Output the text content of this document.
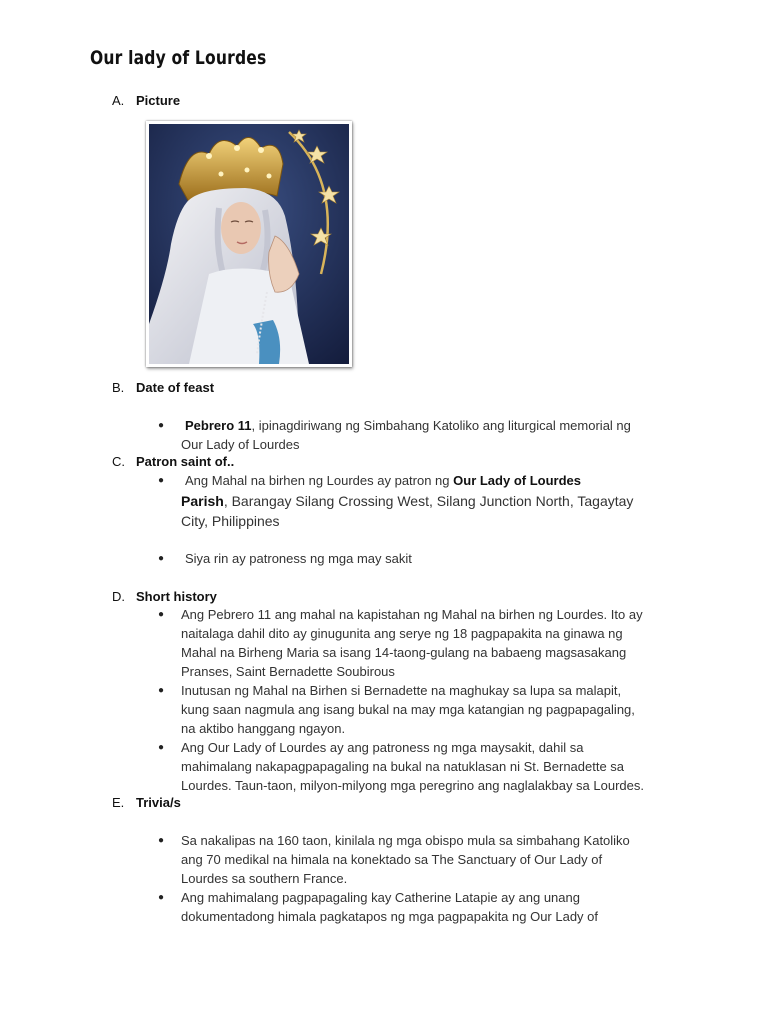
Our lady of Lourdes
A. Picture
B. Date of feast
● Pebrero 11, ipinagdiriwang ng Simbahang Katoliko ang liturgical memorial ng
Our Lady of Lourdes
C. Patron saint of..
● Ang Mahal na birhen ng Lourdes ay patron ng Our Lady of Lourdes
Parish, Barangay Silang Crossing West, Silang Junction North, Tagaytay
City, Philippines
● Siya rin ay patroness ng mga may sakit
D. Short history
● Ang Pebrero 11 ang mahal na kapistahan ng Mahal na birhen ng Lourdes. Ito ay
naitalaga dahil dito ay ginugunita ang serye ng 18 pagpapakita na ginawa ng
Mahal na Birheng Maria sa isang 14-taong-gulang na babaeng magsasakang
Pranses, Saint Bernadette Soubirous
● Inutusan ng Mahal na Birhen si Bernadette na maghukay sa lupa sa malapit,
kung saan nagmula ang isang bukal na may mga katangian ng pagpapagaling,
na aktibo hanggang ngayon.
● Ang Our Lady of Lourdes ay ang patroness ng mga maysakit, dahil sa
mahimalang nakapagpapagaling na bukal na natuklasan ni St. Bernadette sa
Lourdes. Taun-taon, milyon-milyong mga peregrino ang naglalakbay sa Lourdes.
E. Trivia/s
● Sa nakalipas na 160 taon, kinilala ng mga obispo mula sa simbahang Katoliko
ang 70 medikal na himala na konektado sa The Sanctuary of Our Lady of
Lourdes sa southern France.
● Ang mahimalang pagpapagaling kay Catherine Latapie ay ang unang
dokumentadong himala pagkatapos ng mga pagpapakita ng Our Lady of
